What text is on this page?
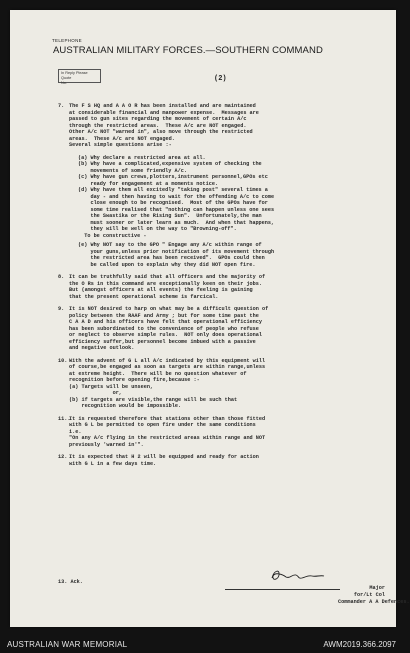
TELEPHONE
AUSTRALIAN MILITARY FORCES.—SOUTHERN COMMAND
In Reply Please Quote
No.	(2)
7. The F S HQ and A A O R has been installed and are maintained
at considerable financial and manpower expense.  Messages are
passed to gun sites regarding the movement of certain A/c
through the restricted areas.  These A/c are NOT engaged.
Other A/c NOT "warned in", also move through the restricted
areas.  These A/c are NOT engaged.
Several simple questions arise :-
(a) Why declare a restricted area at all.
(b) Why have a complicated,expensive system of checking the
movements of some friendly A/c.
(c) Why have gun crews,plotters,instrument personnel,GPOs etc
ready for engagement at a moments notice.
(d) Why have them all excitedly "taking post" several times a
day - and then having to wait for the offending A/c to come
close enough to be recognised.  Most of the GPOs have for
some time realised that "nothing can happen unless one sees
the Swastika or the Rising Sun".  Unfortunately,the man
must sooner or later learn as much.  And when that happens,
they will be well on the way to "Browning-off".
To be constructive -
(e) Why NOT say to the GPO " Engage any A/c within range of
your guns,unless prior notification of its movement through
the restricted area has been received".  GPOs could then
be called upon to explain why they did NOT open fire.
8. It can be truthfully said that all officers and the majority of
the O Rs in this command are exceptionally keen on their jobs.
But (amongst officers at all events) the feeling is gaining
that the present operational scheme is farcical.
9. It is NOT desired to harp on what may be a difficult question of
policy between the RAAF and Army ; but for some time past the
C A A D and his officers have felt that operational efficiency
has been subordinated to the convenience of people who refuse
or neglect to observe simple rules.  NOT only does operational
efficiency suffer,but personnel become imbued with a passive
and negative outlook.
10. With the advent of G L all A/c indicated by this equipment will
of course,be engaged as soon as targets are within range,unless
at extreme height.  There will be no question whatever of
recognition before opening fire,because :-
(a) Targets will be unseen,
or,
(b) if targets are visible,the range will be such that
recognition would be impossible.
11..
It is requested therefore that stations other than those fitted
with G L be permitted to open fire under the same conditions
i.e.
"On any A/c flying in the restricted areas within range and NOT
previously 'warned in'".
12. It is expected that H 2 will be equipped and ready for action
with G L in a few days time.
13. Ack.
Major
for/Lt Col
Commander A A Defences.
AUSTRALIAN WAR MEMORIAL	AWM2019.366.2097
